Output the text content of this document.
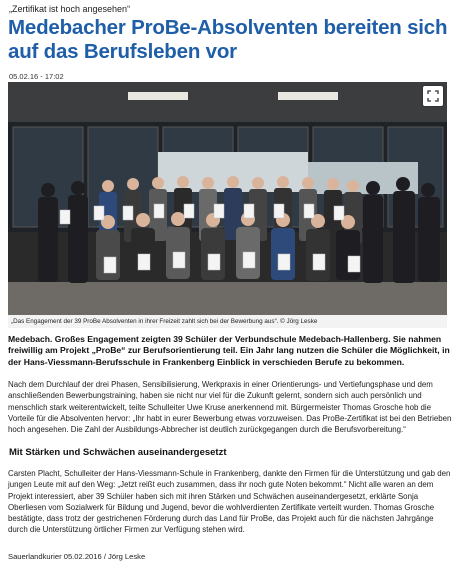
„Zertifikat ist hoch angesehen“
Medebacher ProBe-Absolventen bereiten sich auf das Berufsleben vor
05.02.16 - 17:02
„Das Engagement der 39 ProBe Absolventen in ihrer Freizeit zahlt sich bei der Bewerbung aus“. © Jörg Leske
Medebach. Großes Engagement zeigten 39 Schüler der Verbundschule Medebach-Hallenberg. Sie nahmen freiwillig am Projekt „ProBe“ zur Berufsorientierung teil. Ein Jahr lang nutzen die Schüler die Möglichkeit, in der Hans-Viessmann-Berufsschule in Frankenberg Einblick in verschieden Berufe zu bekommen.
Nach dem Durchlauf der drei Phasen, Sensibilisierung, Werkpraxis in einer Orientierungs- und Vertiefungsphase und dem anschließenden Bewerbungstraining, haben sie nicht nur viel für die Zukunft gelernt, sondern sich auch persönlich und menschlich stark weiterentwickelt, teilte Schulleiter Uwe Kruse anerkennend mit. Bürgermeister Thomas Grosche hob die Vorteile für die Absolventen hervor: „Ihr habt in eurer Bewerbung etwas vorzuweisen. Das ProBe-Zertifikat ist bei den Betrieben hoch angesehen. Die Zahl der Ausbildungs-Abbrecher ist deutlich zurückgegangen durch die Berufsvorbereitung.“
Mit Stärken und Schwächen auseinandergesetzt
Carsten Placht, Schulleiter der Hans-Viessmann-Schule in Frankenberg, dankte den Firmen für die Unterstützung und gab den jungen Leute mit auf den Weg: „Jetzt reißt euch zusammen, dass ihr noch gute Noten bekommt.“ Nicht alle waren an dem Projekt interessiert, aber 39 Schüler haben sich mit ihren Stärken und Schwächen auseinandergesetzt, erklärte Sonja Oberliesen vom Sozialwerk für Bildung und Jugend, bevor die wohlverdienten Zertifikate verteilt wurden. Thomas Grosche bestätigte, dass trotz der gestrichenen Förderung durch das Land für ProBe, das Projekt auch für die nächsten Jahrgänge durch die Unterstützung örtlicher Firmen zur Verfügung stehen wird.
Sauerlandkurier 05.02.2016 / Jörg Leske
